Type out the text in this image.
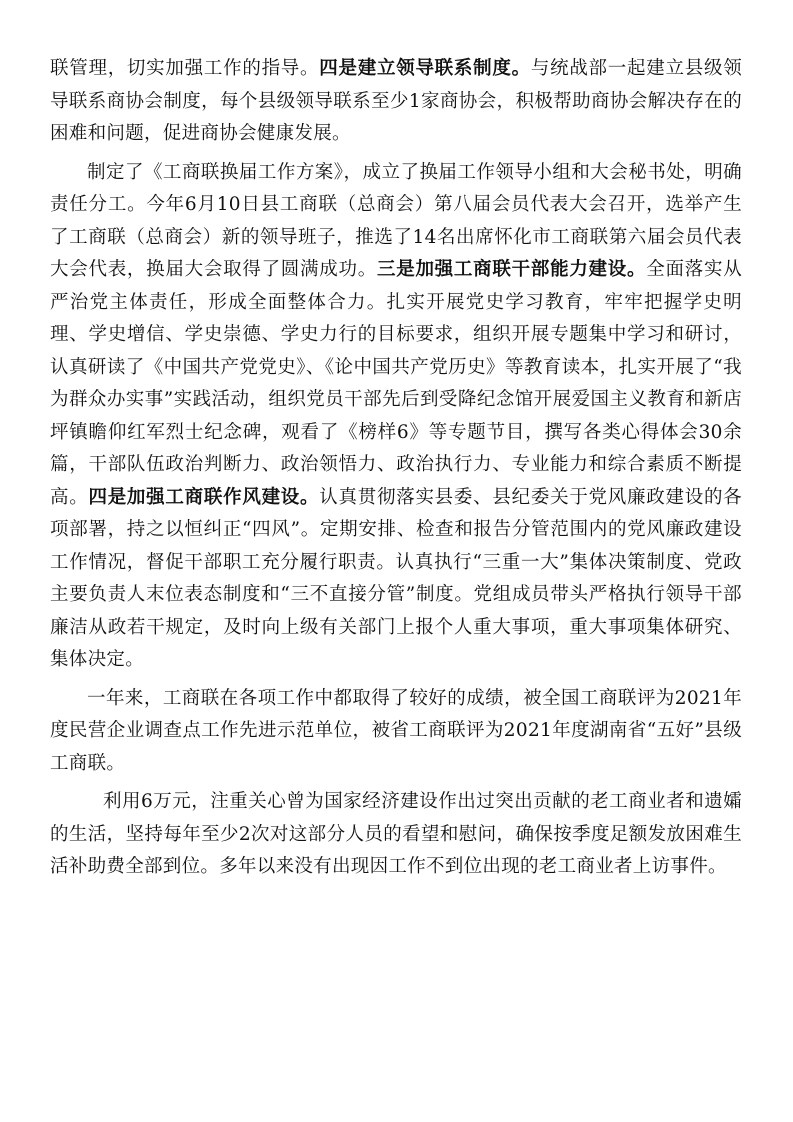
联管理，切实加强工作的指导。四是建立领导联系制度。与统战部一起建立县级领导联系商协会制度，每个县级领导联系至少1家商协会，积极帮助商协会解决存在的困难和问题，促进商协会健康发展。

制定了《工商联换届工作方案》，成立了换届工作领导小组和大会秘书处，明确责任分工。今年6月10日县工商联（总商会）第八届会员代表大会召开，选举产生了工商联（总商会）新的领导班子，推选了14名出席怀化市工商联第六届会员代表大会代表，换届大会取得了圆满成功。三是加强工商联干部能力建设。全面落实从严治党主体责任，形成全面整体合力。扎实开展党史学习教育，牢牢把握学史明理、学史增信、学史崇德、学史力行的目标要求，组织开展专题集中学习和研讨，认真研读了《中国共产党党史》、《论中国共产党历史》等教育读本，扎实开展了“我为群众办实事”实践活动，组织党员干部先后到受降纪念馆开展爱国主义教育和新店坪镇瞻仰红军烈士纪念碑，观看了《榜样6》等专题节目，撰写各类心得体会30余篇，干部队伍政治判断力、政治领悟力、政治执行力、专业能力和综合素质不断提高。四是加强工商联作风建设。认真贯彻落实县委、县纪委关于党风廉政建设的各项部署，持之以恒纠正“四风”。定期安排、检查和报告分管范围内的党风廉政建设工作情况，督促干部职工充分履行职责。认真执行“三重一大”集体决策制度、党政主要负责人末位表态制度和“三不直接分管”制度。党组成员带头严格执行领导干部廉洁从政若干规定，及时向上级有关部门上报个人重大事项，重大事项集体研究、集体决定。

一年来，工商联在各项工作中都取得了较好的成绩，被全国工商联评为2021年度民营企业调查点工作先进示范单位，被省工商联评为2021年度湖南省“五好”县级工商联。

利用6万元，注重关心曾为国家经济建设作出过突出贡献的老工商业者和遗孀的生活，坚持每年至少2次对这部分人员的看望和慰问，确保按季度足额发放困难生活补助费全部到位。多年以来没有出现因工作不到位出现的老工商业者上访事件。
